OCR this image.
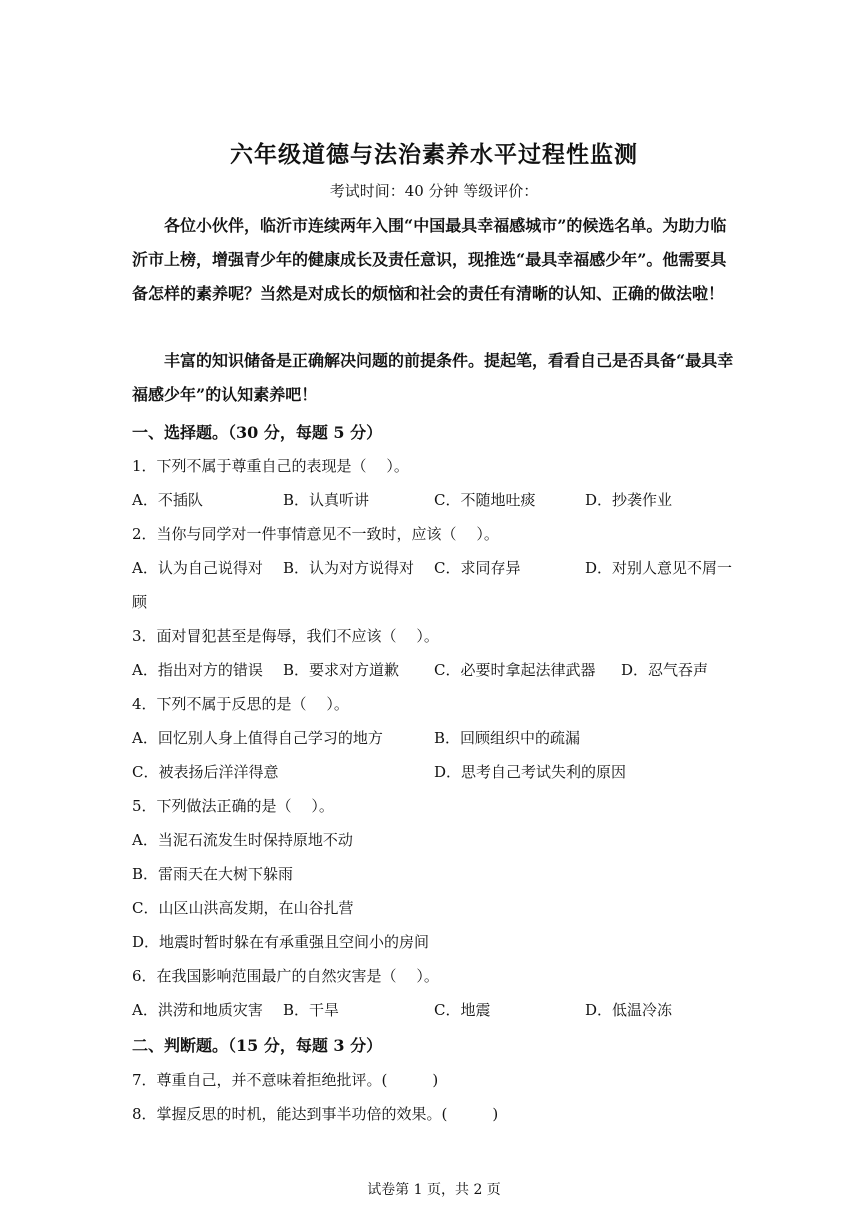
六年级道德与法治素养水平过程性监测
考试时间：40 分钟 等级评价：
各位小伙伴，临沂市连续两年入围“中国最具幸福感城市”的候选名单。为助力临沂市上榜，增强青少年的健康成长及责任意识，现推选“最具幸福感少年”。他需要具备怎样的素养呢？当然是对成长的烦恼和社会的责任有清晰的认知、正确的做法啦！
丰富的知识储备是正确解决问题的前提条件。提起笔，看看自己是否具备“最具幸福感少年”的认知素养吧！
一、选择题。（30 分，每题 5 分）
1．下列不属于尊重自己的表现是（　 ）。
A．不插队	B．认真听讲	C．不随地吐痰	D．抄袭作业
2．当你与同学对一件事情意见不一致时，应该（　 ）。
A．认为自己说得对 B．认为对方说得对 C．求同存异	D．对别人意见不屑一
顾
3．面对冒犯甚至是侮辱，我们不应该（　 ）。
A．指出对方的错误 B．要求对方道歉 C．必要时拿起法律武器 D．忍气吞声
4．下列不属于反思的是（　 ）。
A．回忆别人身上值得自己学习的地方	B．回顾组织中的疏漏
C．被表扬后洋洋得意	D．思考自己考试失利的原因
5．下列做法正确的是（　 ）。
A．当泥石流发生时保持原地不动
B．雷雨天在大树下躲雨
C．山区山洪高发期，在山谷扎营
D．地震时暂时躲在有承重强且空间小的房间
6．在我国影响范围最广的自然灾害是（　 ）。
A．洪涝和地质灾害 B．干旱	C．地震	D．低温冷冻
二、判断题。（15 分，每题 3 分）
7．尊重自己，并不意味着拒绝批评。(　　　)
8．掌握反思的时机，能达到事半功倍的效果。(　　　)
试卷第 1 页，共 2 页
